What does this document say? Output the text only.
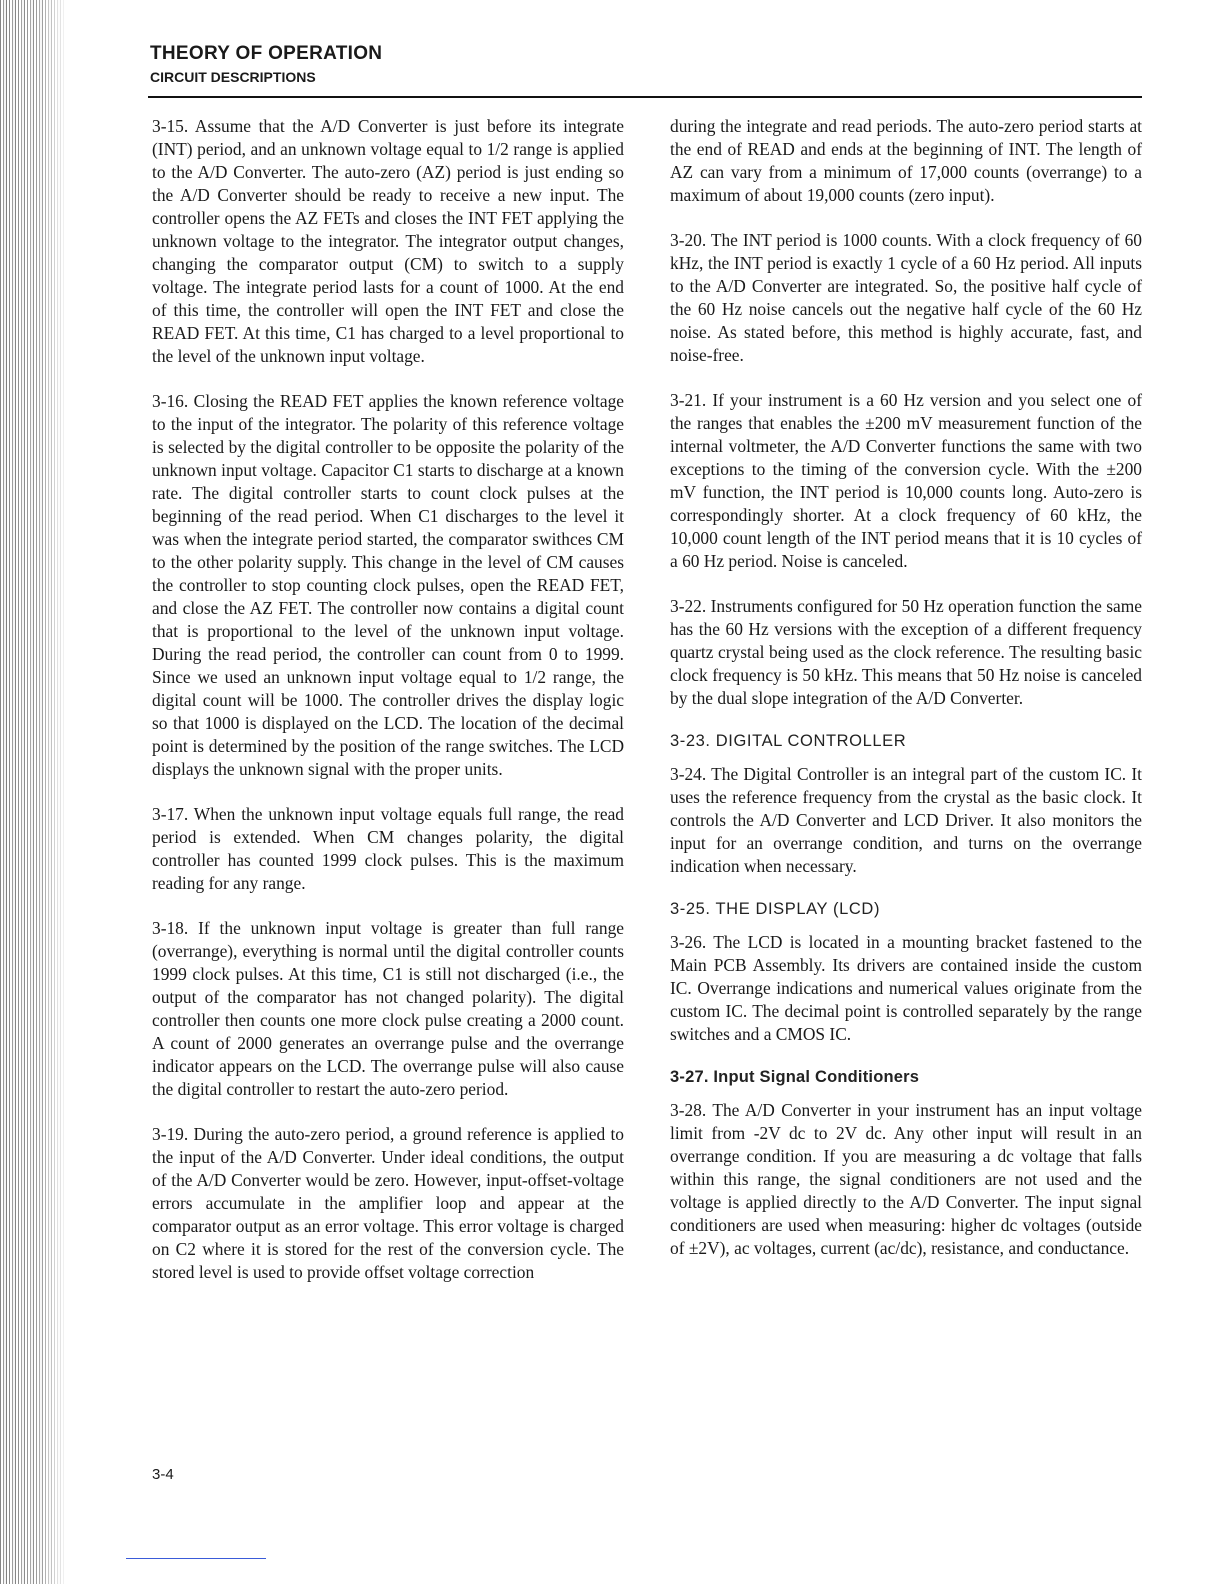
THEORY OF OPERATION
CIRCUIT DESCRIPTIONS

3-15. Assume that the A/D Converter is just before its integrate (INT) period, and an unknown voltage equal to 1/2 range is applied to the A/D Converter. The auto-zero (AZ) period is just ending so the A/D Converter should be ready to receive a new input. The controller opens the AZ FETs and closes the INT FET applying the unknown voltage to the integrator. The integrator output changes, changing the comparator output (CM) to switch to a supply voltage. The integrate period lasts for a count of 1000. At the end of this time, the controller will open the INT FET and close the READ FET. At this time, C1 has charged to a level proportional to the level of the unknown input voltage.

3-16. Closing the READ FET applies the known reference voltage to the input of the integrator. The polarity of this reference voltage is selected by the digital controller to be opposite the polarity of the unknown input voltage. Capacitor C1 starts to discharge at a known rate. The digital controller starts to count clock pulses at the beginning of the read period. When C1 discharges to the level it was when the integrate period started, the comparator swithces CM to the other polarity supply. This change in the level of CM causes the controller to stop counting clock pulses, open the READ FET, and close the AZ FET. The controller now contains a digital count that is proportional to the level of the unknown input voltage. During the read period, the controller can count from 0 to 1999. Since we used an unknown input voltage equal to 1/2 range, the digital count will be 1000. The controller drives the display logic so that 1000 is displayed on the LCD. The location of the decimal point is determined by the position of the range switches. The LCD displays the unknown signal with the proper units.

3-17. When the unknown input voltage equals full range, the read period is extended. When CM changes polarity, the digital controller has counted 1999 clock pulses. This is the maximum reading for any range.

3-18. If the unknown input voltage is greater than full range (overrange), everything is normal until the digital controller counts 1999 clock pulses. At this time, C1 is still not discharged (i.e., the output of the comparator has not changed polarity). The digital controller then counts one more clock pulse creating a 2000 count. A count of 2000 generates an overrange pulse and the overrange indicator appears on the LCD. The overrange pulse will also cause the digital controller to restart the auto-zero period.

3-19. During the auto-zero period, a ground reference is applied to the input of the A/D Converter. Under ideal conditions, the output of the A/D Converter would be zero. However, input-offset-voltage errors accumulate in the amplifier loop and appear at the comparator output as an error voltage. This error voltage is charged on C2 where it is stored for the rest of the conversion cycle. The stored level is used to provide offset voltage correction

during the integrate and read periods. The auto-zero period starts at the end of READ and ends at the beginning of INT. The length of AZ can vary from a minimum of 17,000 counts (overrange) to a maximum of about 19,000 counts (zero input).

3-20. The INT period is 1000 counts. With a clock frequency of 60 kHz, the INT period is exactly 1 cycle of a 60 Hz period. All inputs to the A/D Converter are integrated. So, the positive half cycle of the 60 Hz noise cancels out the negative half cycle of the 60 Hz noise. As stated before, this method is highly accurate, fast, and noise-free.

3-21. If your instrument is a 60 Hz version and you select one of the ranges that enables the ±200 mV measurement function of the internal voltmeter, the A/D Converter functions the same with two exceptions to the timing of the conversion cycle. With the ±200 mV function, the INT period is 10,000 counts long. Auto-zero is correspondingly shorter. At a clock frequency of 60 kHz, the 10,000 count length of the INT period means that it is 10 cycles of a 60 Hz period. Noise is canceled.

3-22. Instruments configured for 50 Hz operation function the same has the 60 Hz versions with the exception of a different frequency quartz crystal being used as the clock reference. The resulting basic clock frequency is 50 kHz. This means that 50 Hz noise is canceled by the dual slope integration of the A/D Converter.

3-23. DIGITAL CONTROLLER

3-24. The Digital Controller is an integral part of the custom IC. It uses the reference frequency from the crystal as the basic clock. It controls the A/D Converter and LCD Driver. It also monitors the input for an overrange condition, and turns on the overrange indication when necessary.

3-25. THE DISPLAY (LCD)

3-26. The LCD is located in a mounting bracket fastened to the Main PCB Assembly. Its drivers are contained inside the custom IC. Overrange indications and numerical values originate from the custom IC. The decimal point is controlled separately by the range switches and a CMOS IC.

3-27. Input Signal Conditioners

3-28. The A/D Converter in your instrument has an input voltage limit from -2V dc to 2V dc. Any other input will result in an overrange condition. If you are measuring a dc voltage that falls within this range, the signal conditioners are not used and the voltage is applied directly to the A/D Converter. The input signal conditioners are used when measuring: higher dc voltages (outside of ±2V), ac voltages, current (ac/dc), resistance, and conductance.

3-4
